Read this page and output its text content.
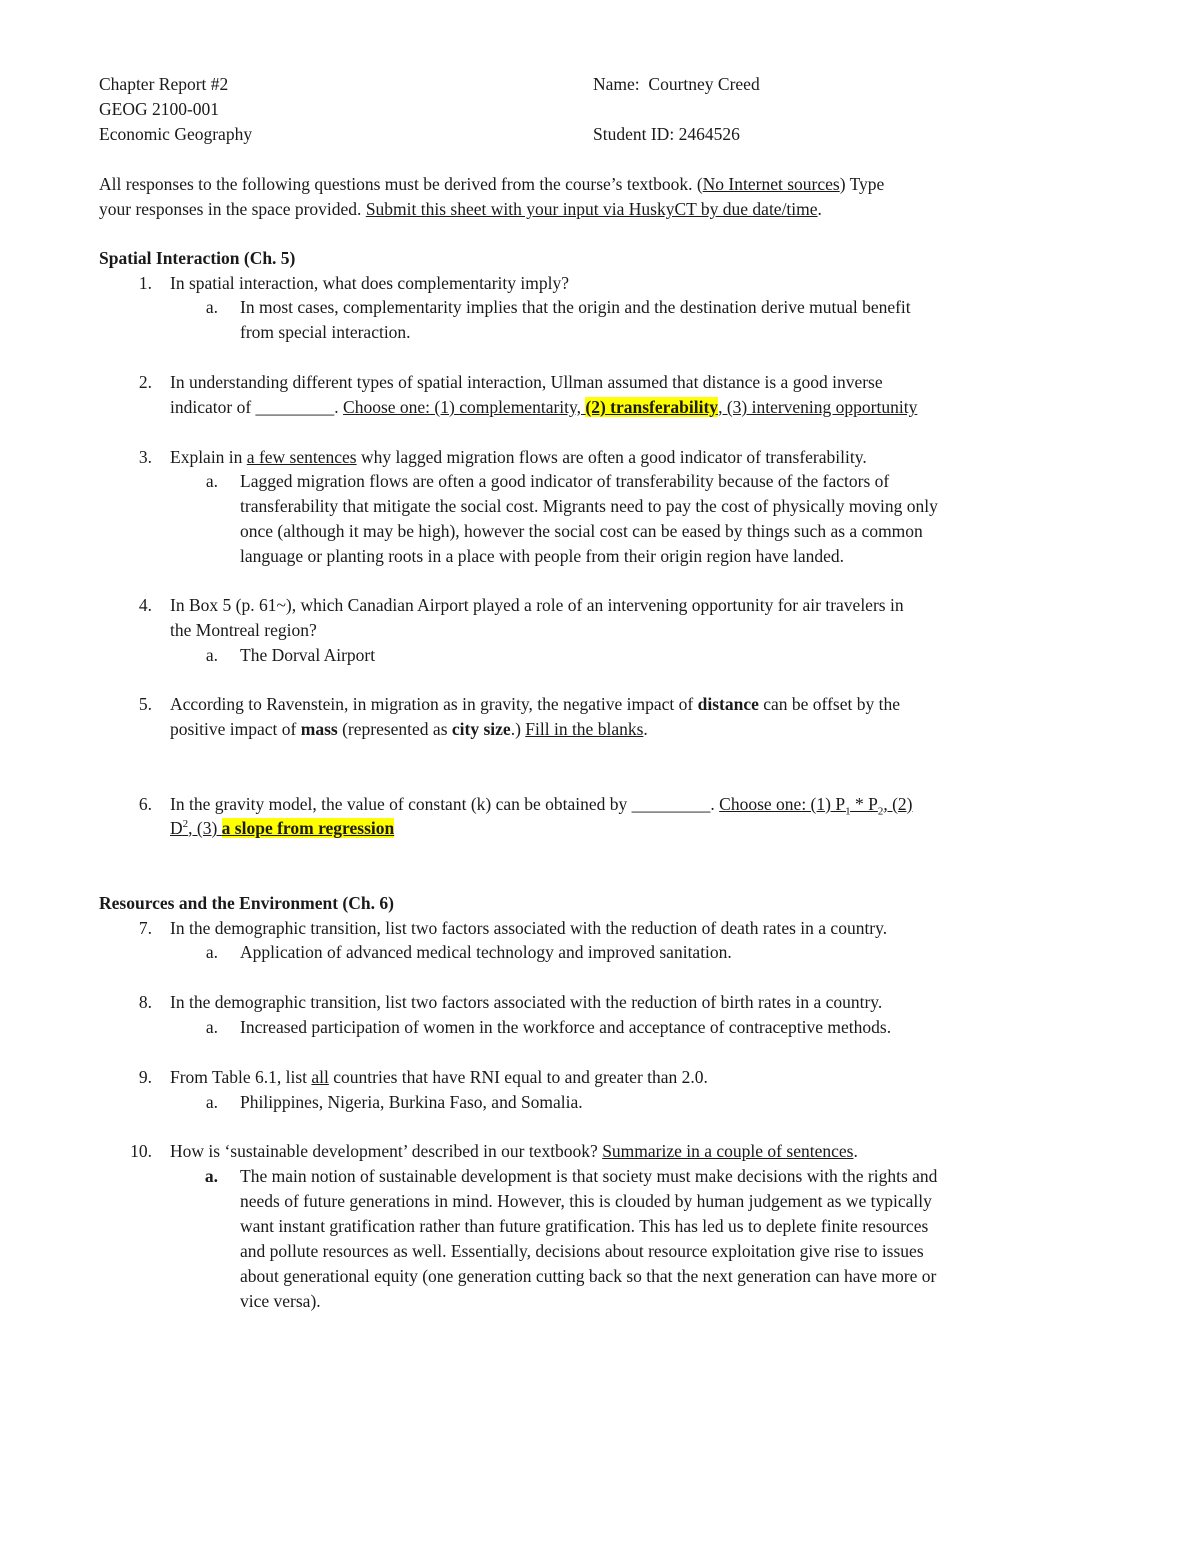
Chapter Report #2
GEOG 2100-001
Economic Geography
Name: Courtney Creed
Student ID: 2464526
All responses to the following questions must be derived from the course’s textbook. (No Internet sources) Type
your responses in the space provided. Submit this sheet with your input via HuskyCT by due date/time.
Spatial Interaction (Ch. 5)
1. In spatial interaction, what does complementarity imply?
a. In most cases, complementarity implies that the origin and the destination derive mutual benefit
from special interaction.
2. In understanding different types of spatial interaction, Ullman assumed that distance is a good inverse
indicator of _________. Choose one: (1) complementarity, (2) transferability, (3) intervening opportunity
3. Explain in a few sentences why lagged migration flows are often a good indicator of transferability.
a. Lagged migration flows are often a good indicator of transferability because of the factors of
transferability that mitigate the social cost. Migrants need to pay the cost of physically moving only
once (although it may be high), however the social cost can be eased by things such as a common
language or planting roots in a place with people from their origin region have landed.
4. In Box 5 (p. 61~), which Canadian Airport played a role of an intervening opportunity for air travelers in
the Montreal region?
a. The Dorval Airport
5. According to Ravenstein, in migration as in gravity, the negative impact of distance can be offset by the
positive impact of mass (represented as city size.) Fill in the blanks.
6. In the gravity model, the value of constant (k) can be obtained by _________. Choose one: (1) $P_1 * P_2$, (2)
$D^2$, (3) a slope from regression
Resources and the Environment (Ch. 6)
7. In the demographic transition, list two factors associated with the reduction of death rates in a country.
a. Application of advanced medical technology and improved sanitation.
8. In the demographic transition, list two factors associated with the reduction of birth rates in a country.
a. Increased participation of women in the workforce and acceptance of contraceptive methods.
9. From Table 6.1, list all countries that have RNI equal to and greater than 2.0.
a. Philippines, Nigeria, Burkina Faso, and Somalia.
10. How is ‘sustainable development’ described in our textbook? Summarize in a couple of sentences.
a. The main notion of sustainable development is that society must make decisions with the rights and
needs of future generations in mind. However, this is clouded by human judgement as we typically
want instant gratification rather than future gratification. This has led us to deplete finite resources
and pollute resources as well. Essentially, decisions about resource exploitation give rise to issues
about generational equity (one generation cutting back so that the next generation can have more or
vice versa).
